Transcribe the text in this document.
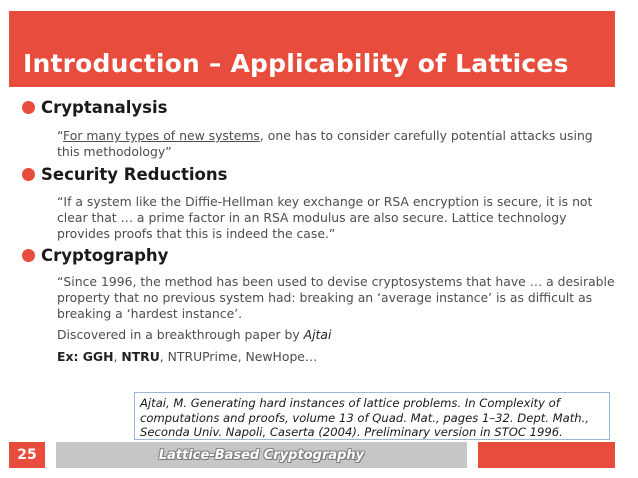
Introduction – Applicability of Lattices
Cryptanalysis
“For many types of new systems, one has to consider carefully potential attacks using this methodology”
Security Reductions
“If a system like the Diffie-Hellman key exchange or RSA encryption is secure, it is not clear that … a prime factor in an RSA modulus are also secure. Lattice technology provides proofs that this is indeed the case.”
Cryptography
“Since 1996, the method has been used to devise cryptosystems that have … a desirable property that no previous system had: breaking an ‘average instance’ is as difficult as breaking a ‘hardest instance’.
Discovered in a breakthrough paper by Ajtai
Ex: GGH, NTRU, NTRUPrime, NewHope…
Ajtai, M. Generating hard instances of lattice problems. In Complexity of computations and proofs, volume 13 of Quad. Mat., pages 1–32. Dept. Math., Seconda Univ. Napoli, Caserta (2004). Preliminary version in STOC 1996.
25	Lattice-Based Cryptography
